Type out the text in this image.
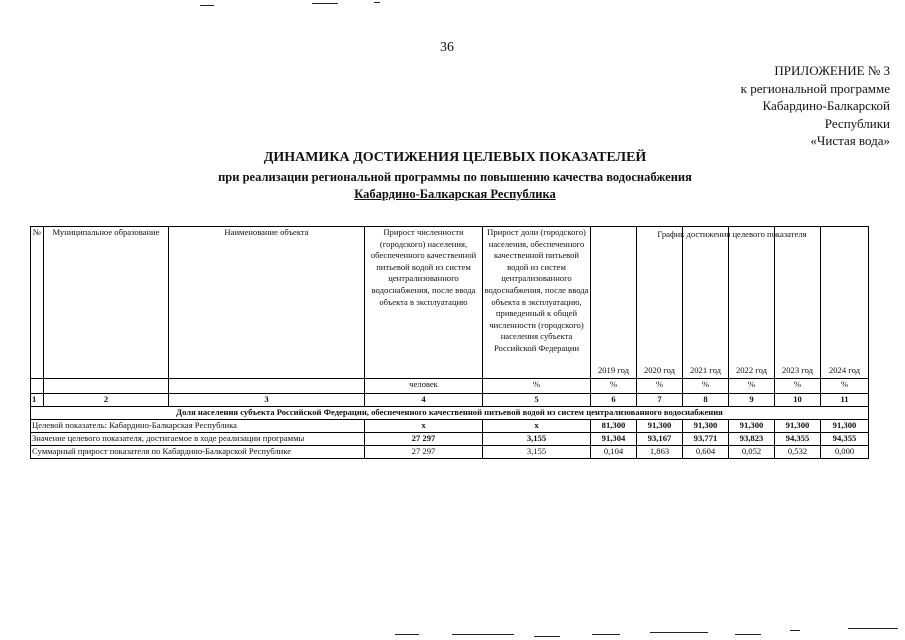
36
ПРИЛОЖЕНИЕ № 3
к региональной программе
Кабардино-Балкарской
Республики
«Чистая вода»
ДИНАМИКА ДОСТИЖЕНИЯ ЦЕЛЕВЫХ ПОКАЗАТЕЛЕЙ
при реализации региональной программы по повышению качества водоснабжения
Кабардино-Балкарская Республика
№	Муниципальное образование	Наименование объекта	Прирост численности (городского) населения, обеспеченного качественной питьевой водой из систем централизованного водоснабжения, после ввода объекта в эксплуатацию	Прирост доли (городского) населения, обеспеченного качественной питьевой водой из систем централизованного водоснабжения, после ввода объекта в эксплуатацию, приведенный к общей численности (городского) населения субъекта Российской Федерации	2019 год	2020 год	2021 год	2022 год	2023 год	2024 год
			человек	%	%	%	%	%	%	%
1	2	3	4	5	6	7	8	9	10	11
Доля населения субъекта Российской Федерации, обеспеченного качественной питьевой водой из систем централизованного водоснабжения										
Целевой показатель: Кабардино-Балкарская Республика			х	х	81,300	91,300	91,300	91,300	91,300	91,300
Значение целевого показателя, достигаемое в ходе реализации программы			27 297	3,155	91,304	93,167	93,771	93,823	94,355	94,355
Суммарный прирост показателя по Кабардино-Балкарской Республике			27 297	3,155	0,104	1,863	0,604	0,052	0,532	0,000
График достижения целевого показателя
